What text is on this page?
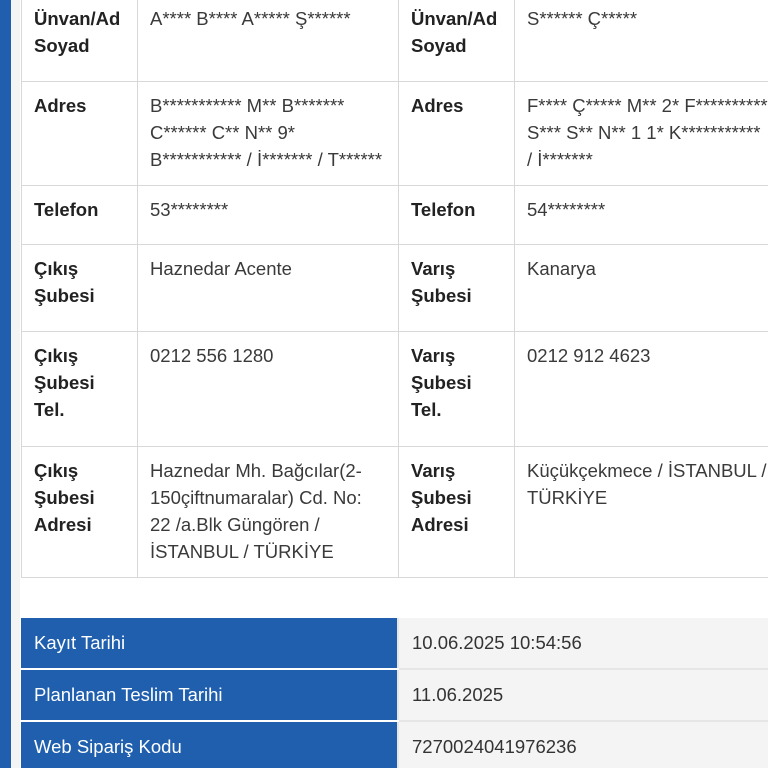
Ünvan/Ad Soyad	A**** B**** A***** Ş******	Ünvan/Ad Soyad	S****** Ç*****
Adres	B*********** M** B******* C****** C** N** 9* B*********** / İ******* / T******	Adres	F**** Ç***** M** 2* F********** S*** S** N** 1 1* K*********** / İ*******
Telefon	53********	Telefon	54********
Çıkış Şubesi	Haznedar Acente	Varış Şubesi	Kanarya
Çıkış Şubesi Tel.	0212 556 1280	Varış Şubesi Tel.	0212 912 4623
Çıkış Şubesi Adresi	Haznedar Mh. Bağcılar(2-150çiftnumaralar) Cd. No: 22 /a.Blk Güngören / İSTANBUL / TÜRKİYE	Varış Şubesi Adresi	Küçükçekmece / İSTANBUL / TÜRKİYE
Kayıt Tarihi	10.06.2025 10:54:56
Planlanan Teslim Tarihi	11.06.2025
Web Sipariş Kodu	7270024041976236
